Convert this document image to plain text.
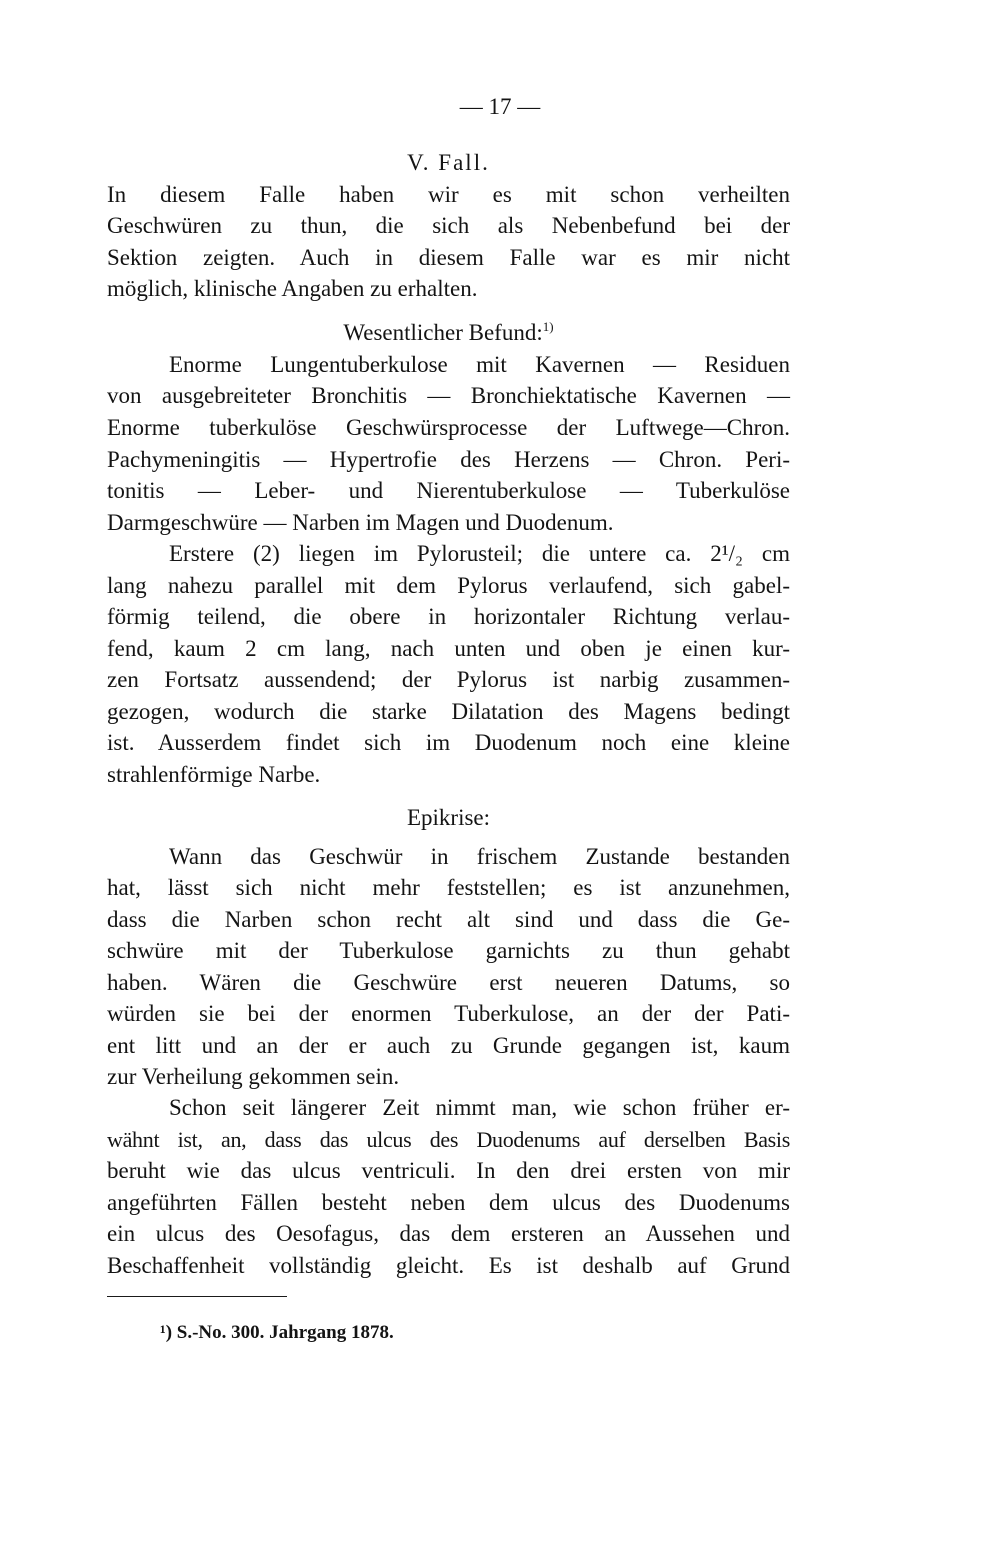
— 17 —
V. Fall.
In diesem Falle haben wir es mit schon verheilten
Geschwüren zu thun, die sich als Nebenbefund bei der
Sektion zeigten. Auch in diesem Falle war es mir nicht
möglich, klinische Angaben zu erhalten.
Wesentlicher Befund:$^{1)}$
Enorme Lungentuberkulose mit Kavernen — Residuen
von ausgebreiteter Bronchitis — Bronchiektatische Kavernen —
Enorme tuberkulöse Geschwürsprocesse der Luftwege—Chron.
Pachymeningitis — Hypertrofie des Herzens — Chron. Peri-
tonitis — Leber- und Nierentuberkulose — Tuberkulöse
Darmgeschwüre — Narben im Magen und Duodenum.
Erstere (2) liegen im Pylorusteil; die untere ca. 2¹/₂ cm
lang nahezu parallel mit dem Pylorus verlaufend, sich gabel-
förmig teilend, die obere in horizontaler Richtung verlau-
fend, kaum 2 cm lang, nach unten und oben je einen kur-
zen Fortsatz aussendend; der Pylorus ist narbig zusammen-
gezogen, wodurch die starke Dilatation des Magens bedingt
ist. Ausserdem findet sich im Duodenum noch eine kleine
strahlenförmige Narbe.
Epikrise:
Wann das Geschwür in frischem Zustande bestanden
hat, lässt sich nicht mehr feststellen; es ist anzunehmen,
dass die Narben schon recht alt sind und dass die Ge-
schwüre mit der Tuberkulose garnichts zu thun gehabt
haben. Wären die Geschwüre erst neueren Datums, so
würden sie bei der enormen Tuberkulose, an der der Pati-
ent litt und an der er auch zu Grunde gegangen ist, kaum
zur Verheilung gekommen sein.
Schon seit längerer Zeit nimmt man, wie schon früher er-
wähnt ist, an, dass das ulcus des Duodenums auf derselben Basis
beruht wie das ulcus ventriculi. In den drei ersten von mir
angeführten Fällen besteht neben dem ulcus des Duodenums
ein ulcus des Oesofagus, das dem ersteren an Aussehen und
Beschaffenheit vollständig gleicht. Es ist deshalb auf Grund
¹) S.-No. 300. Jahrgang 1878.
